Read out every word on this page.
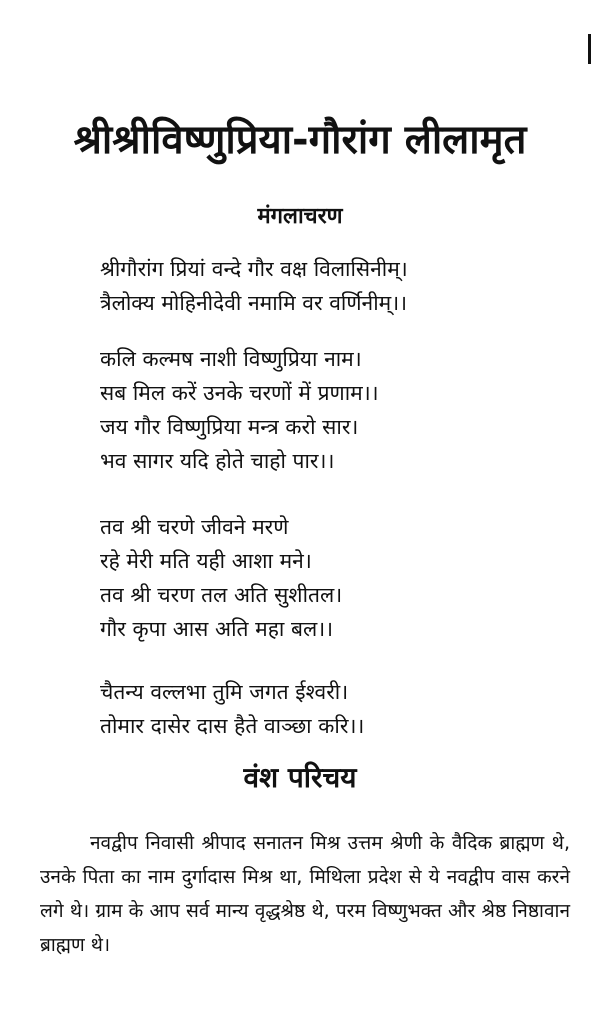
श्रीश्रीविष्णुप्रिया-गौरांग लीलामृत
मंगलाचरण
श्रीगौरांग प्रियां वन्दे गौर वक्ष विलासिनीम्।
त्रैलोक्य मोहिनीदेवी नमामि वर वर्णिनीम्।।
कलि कल्मष नाशी विष्णुप्रिया नाम।
सब मिल करें उनके चरणों में प्रणाम।।
जय गौर विष्णुप्रिया मन्त्र करो सार।
भव सागर यदि होते चाहो पार।।
तव श्री चरणे जीवने मरणे
रहे मेरी मति यही आशा मने।
तव श्री चरण तल अति सुशीतल।
गौर कृपा आस अति महा बल।।
चैतन्य वल्लभा तुमि जगत ईश्वरी।
तोमार दासेर दास हैते वाञ्छा करि।।
वंश परिचय

नवद्वीप निवासी श्रीपाद सनातन मिश्र उत्तम श्रेणी के वैदिक ब्राह्मण थे, उनके पिता का नाम दुर्गादास मिश्र था, मिथिला प्रदेश से ये नवद्वीप वास करने लगे थे। ग्राम के आप सर्व मान्य वृद्धश्रेष्ठ थे, परम विष्णुभक्त और श्रेष्ठ निष्ठावान ब्राह्मण थे।
